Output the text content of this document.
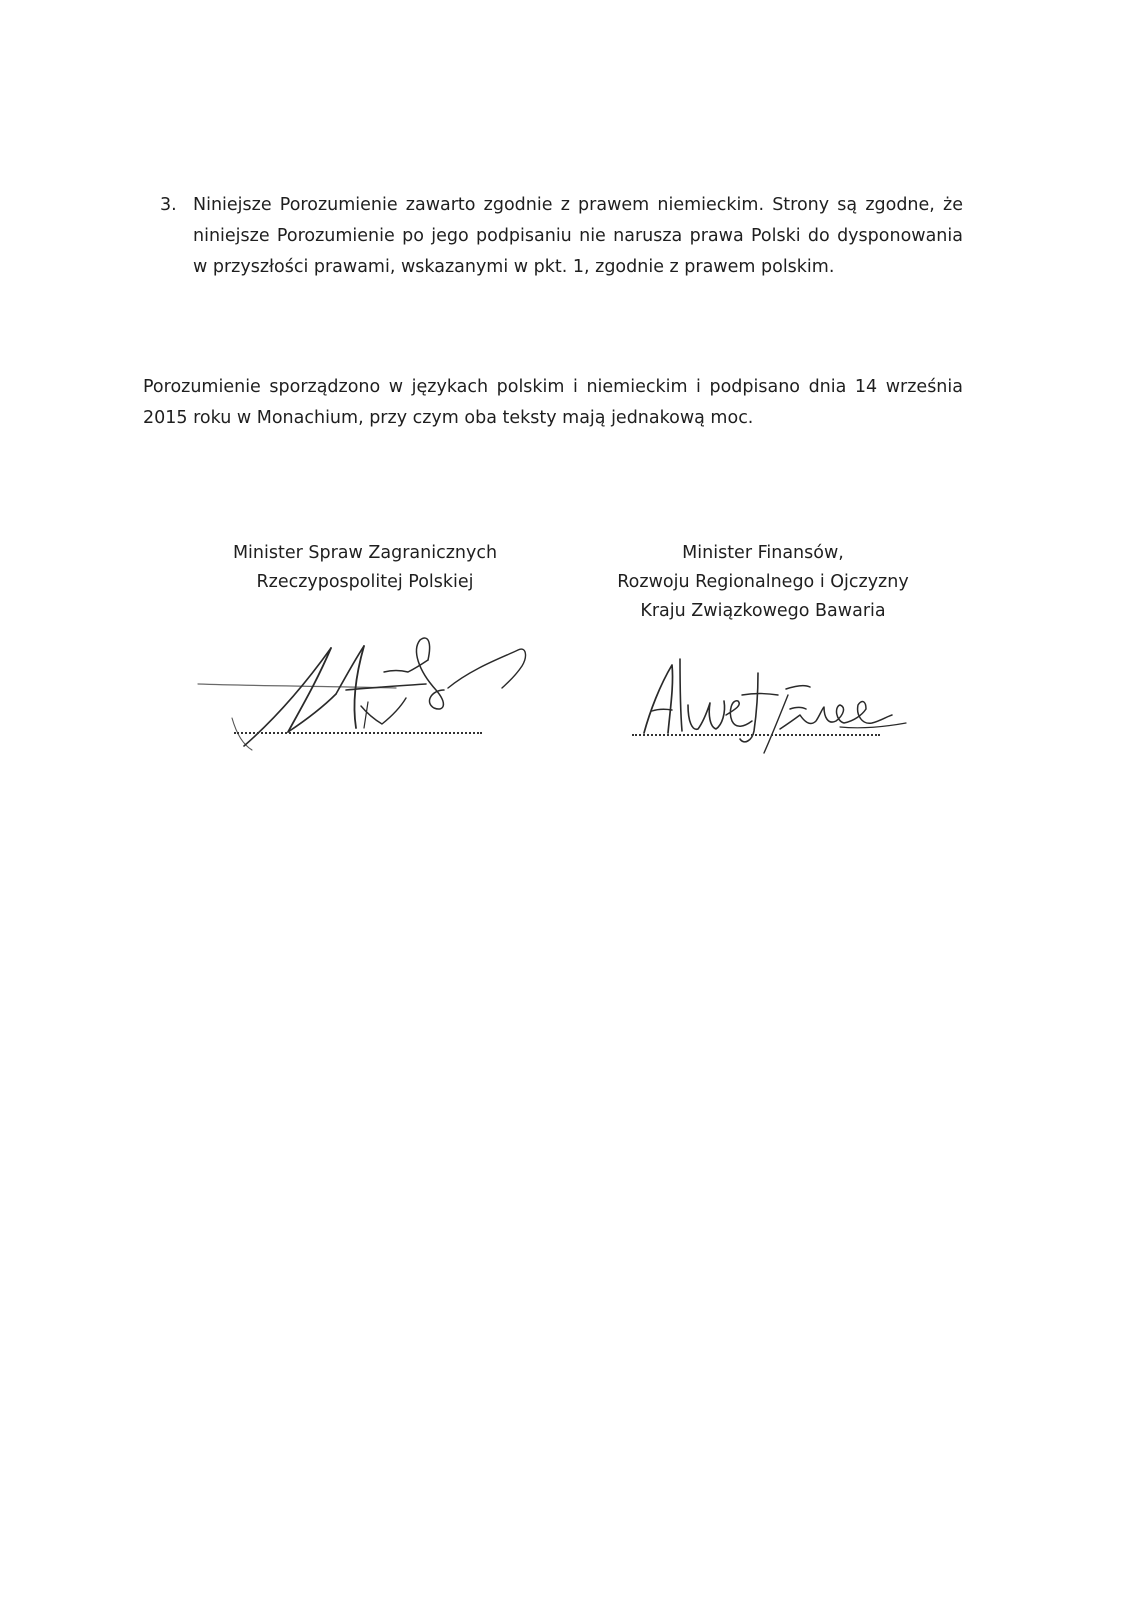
3. Niniejsze Porozumienie zawarto zgodnie z prawem niemieckim. Strony są zgodne, że niniejsze Porozumienie po jego podpisaniu nie narusza prawa Polski do dysponowania w przyszłości prawami, wskazanymi w pkt. 1, zgodnie z prawem polskim.
Porozumienie sporządzono w językach polskim i niemieckim i podpisano dnia 14 września 2015 roku w Monachium, przy czym oba teksty mają jednakową moc.
Minister Spraw Zagranicznych
Rzeczypospolitej Polskiej
Minister Finansów,
Rozwoju Regionalnego i Ojczyzny
Kraju Związkowego Bawaria
